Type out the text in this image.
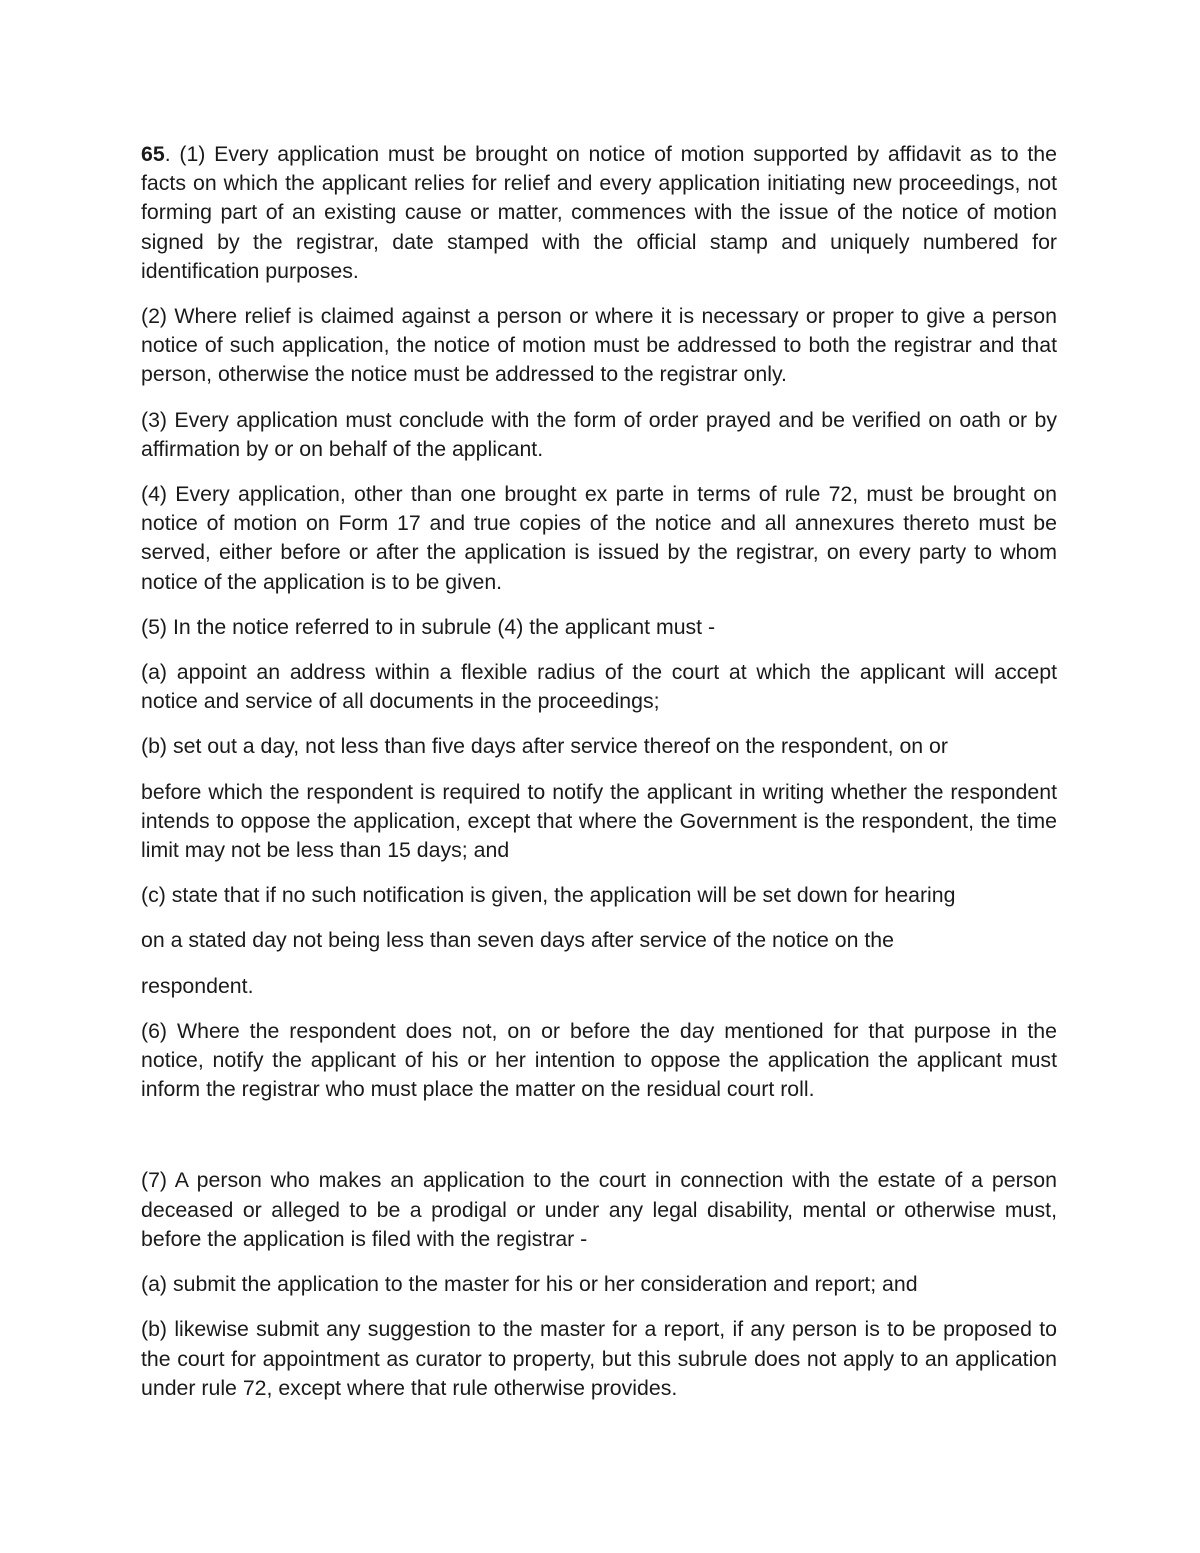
65. (1) Every application must be brought on notice of motion supported by affidavit as to the facts on which the applicant relies for relief and every application initiating new proceedings, not forming part of an existing cause or matter, commences with the issue of the notice of motion signed by the registrar, date stamped with the official stamp and uniquely numbered for identification purposes.

(2) Where relief is claimed against a person or where it is necessary or proper to give a person notice of such application, the notice of motion must be addressed to both the registrar and that person, otherwise the notice must be addressed to the registrar only.

(3) Every application must conclude with the form of order prayed and be verified on oath or by affirmation by or on behalf of the applicant.

(4) Every application, other than one brought ex parte in terms of rule 72, must be brought on notice of motion on Form 17 and true copies of the notice and all annexures thereto must be served, either before or after the application is issued by the registrar, on every party to whom notice of the application is to be given.

(5) In the notice referred to in subrule (4) the applicant must -

(a) appoint an address within a flexible radius of the court at which the applicant will accept notice and service of all documents in the proceedings;

(b) set out a day, not less than five days after service thereof on the respondent, on or

before which the respondent is required to notify the applicant in writing whether the respondent intends to oppose the application, except that where the Government is the respondent, the time limit may not be less than 15 days; and

(c) state that if no such notification is given, the application will be set down for hearing

on a stated day not being less than seven days after service of the notice on the

respondent.

(6) Where the respondent does not, on or before the day mentioned for that purpose in the notice, notify the applicant of his or her intention to oppose the application the applicant must inform the registrar who must place the matter on the residual court roll.

(7) A person who makes an application to the court in connection with the estate of a person deceased or alleged to be a prodigal or under any legal disability, mental or otherwise must, before the application is filed with the registrar -

(a) submit the application to the master for his or her consideration and report; and

(b) likewise submit any suggestion to the master for a report, if any person is to be proposed to the court for appointment as curator to property, but this subrule does not apply to an application under rule 72, except where that rule otherwise provides.
